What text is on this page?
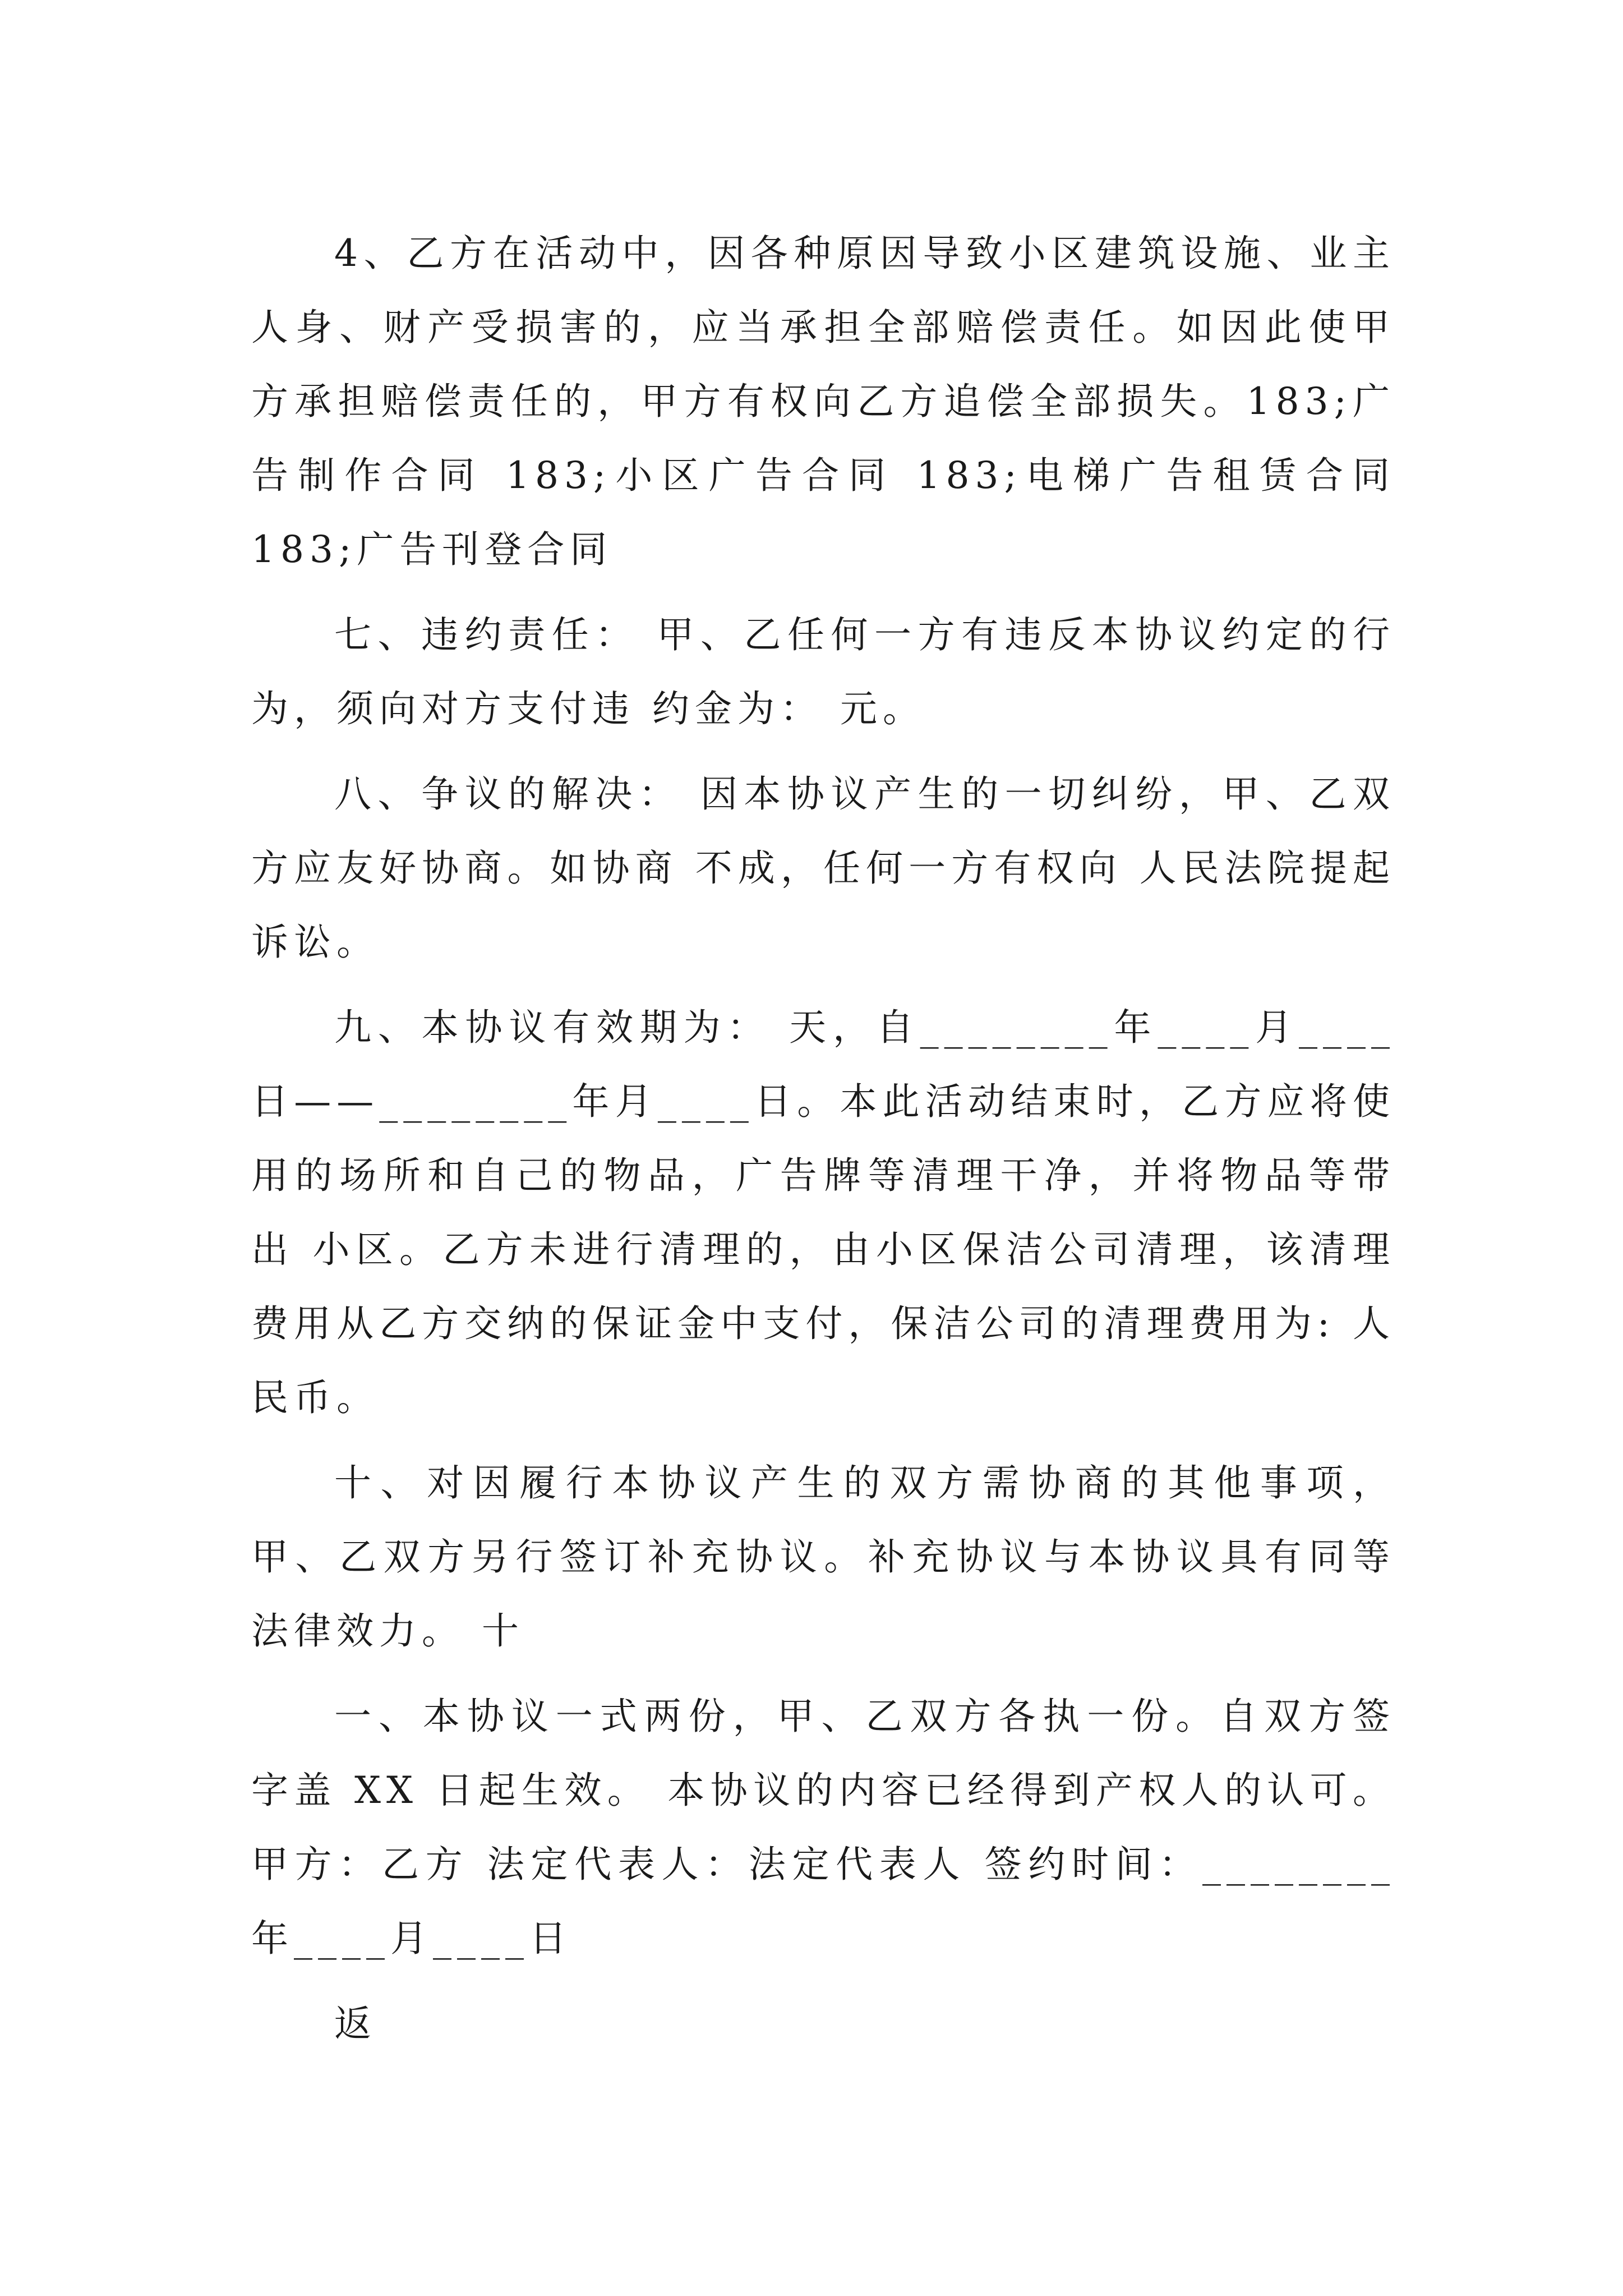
4、乙方在活动中，因各种原因导致小区建筑设施、业主人身、财产受损害的，应当承担全部赔偿责任。如因此使甲方承担赔偿责任的，甲方有权向乙方追偿全部损失。183;广告制作合同 183;小区广告合同 183;电梯广告租赁合同 183;广告刊登合同

七、违约责任： 甲、乙任何一方有违反本协议约定的行为，须向对方支付违 约金为： 元。

八、争议的解决： 因本协议产生的一切纠纷，甲、乙双方应友好协商。如协商 不成，任何一方有权向 人民法院提起诉讼。

九、本协议有效期为： 天，自________年____月____日——________年月____日。本此活动结束时，乙方应将使用的场所和自己的物品，广告牌等清理干净，并将物品等带出 小区。乙方未进行清理的，由小区保洁公司清理，该清理费用从乙方交纳的保证金中支付，保洁公司的清理费用为: 人民币。

十、对因履行本协议产生的双方需协商的其他事项，甲、乙双方另行签订补充协议。补充协议与本协议具有同等法律效力。 十

一、本协议一式两份，甲、乙双方各执一份。自双方签字盖 XX 日起生效。 本协议的内容已经得到产权人的认可。甲方：乙方 法定代表人：法定代表人 签约时间：________年____月____日

返
